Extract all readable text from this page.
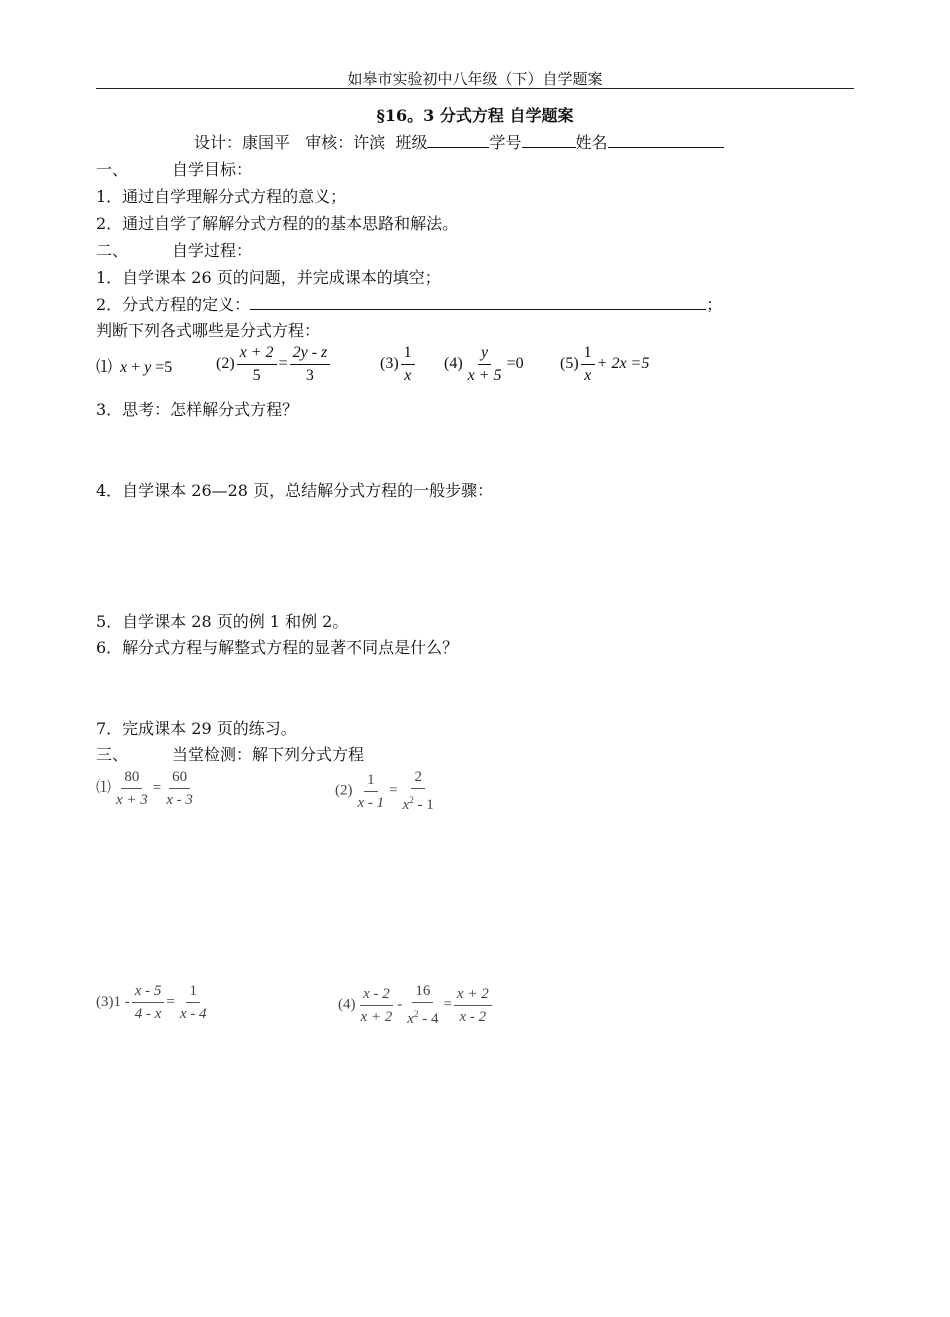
如皋市实验初中八年级（下）自学题案
§16。3 分式方程 自学题案
设计：康国平 审核：许滨 班级	学号	姓名
一、	自学目标：
1．通过自学理解分式方程的意义；
2．通过自学了解解分式方程的的基本思路和解法。
二、	自学过程：
1．自学课本 26 页的问题，并完成课本的填空；
2．分式方程的定义：	；
判断下列各式哪些是分式方程：
⑴ x + y =5	$(2) \frac{x + 2}{5} = \frac{2y - z}{3}$	$(3) \frac{1}{x} (4) \frac{y}{x + 5} =0$ $(5) \frac{1}{x} + 2x =5$
3．思考：怎样解分式方程？
4．自学课本 26—28 页，总结解分式方程的一般步骤：
5．自学课本 28 页的例 1 和例 2。
6．解分式方程与解整式方程的显著不同点是什么？
7．完成课本 29 页的练习。
三、	当堂检测：解下列分式方程
⑴ $\frac{80}{x + 3} = \frac{60}{x - 3}$	$(2) \frac{1}{x - 1} = \frac{2}{x^2 - 1}$
$(3)1 - \frac{x - 5}{4 - x} = \frac{1}{x - 4}$	$(4) \frac{x - 2}{x + 2} - \frac{16}{x^2 - 4} = \frac{x + 2}{x - 2}$
